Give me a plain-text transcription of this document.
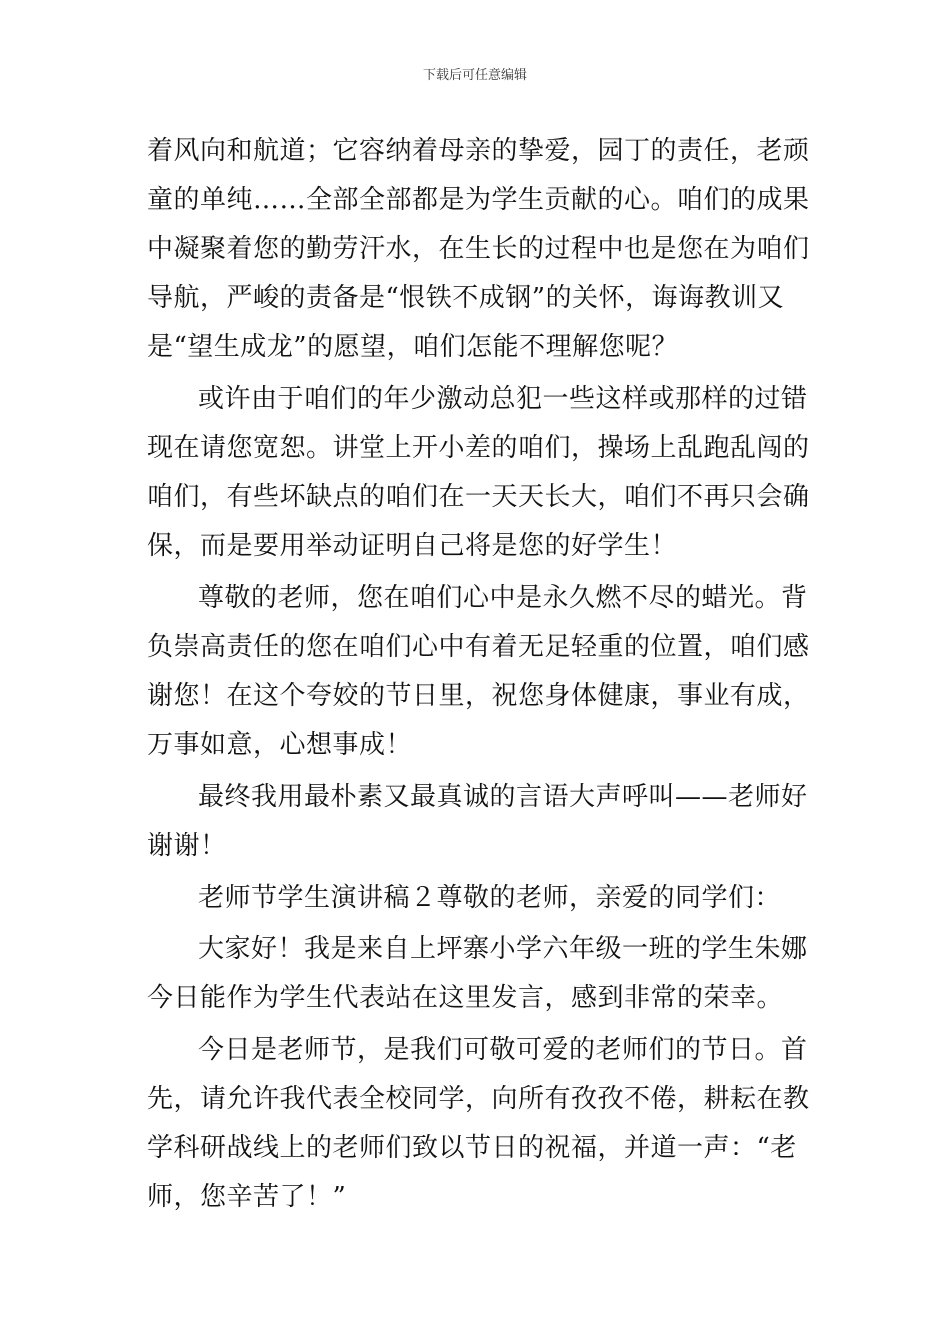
下载后可任意编辑
着风向和航道；它容纳着母亲的挚爱，园丁的责任，老顽
童的单纯……全部全部都是为学生贡献的心。咱们的成果
中凝聚着您的勤劳汗水，在生长的过程中也是您在为咱们
导航，严峻的责备是“恨铁不成钢”的关怀，诲诲教训又
是“望生成龙”的愿望，咱们怎能不理解您呢？
或许由于咱们的年少激动总犯一些这样或那样的过错
现在请您宽恕。讲堂上开小差的咱们，操场上乱跑乱闯的
咱们，有些坏缺点的咱们在一天天长大，咱们不再只会确
保，而是要用举动证明自己将是您的好学生！
尊敬的老师，您在咱们心中是永久燃不尽的蜡光。背
负崇高责任的您在咱们心中有着无足轻重的位置，咱们感
谢您！在这个夸姣的节日里，祝您身体健康，事业有成，
万事如意，心想事成！
最终我用最朴素又最真诚的言语大声呼叫——老师好
谢谢！
老师节学生演讲稿２尊敬的老师，亲爱的同学们：
大家好！我是来自上坪寨小学六年级一班的学生朱娜
今日能作为学生代表站在这里发言，感到非常的荣幸。
今日是老师节，是我们可敬可爱的老师们的节日。首
先，请允许我代表全校同学，向所有孜孜不倦，耕耘在教
学科研战线上的老师们致以节日的祝福，并道一声：“老
师，您辛苦了！”
